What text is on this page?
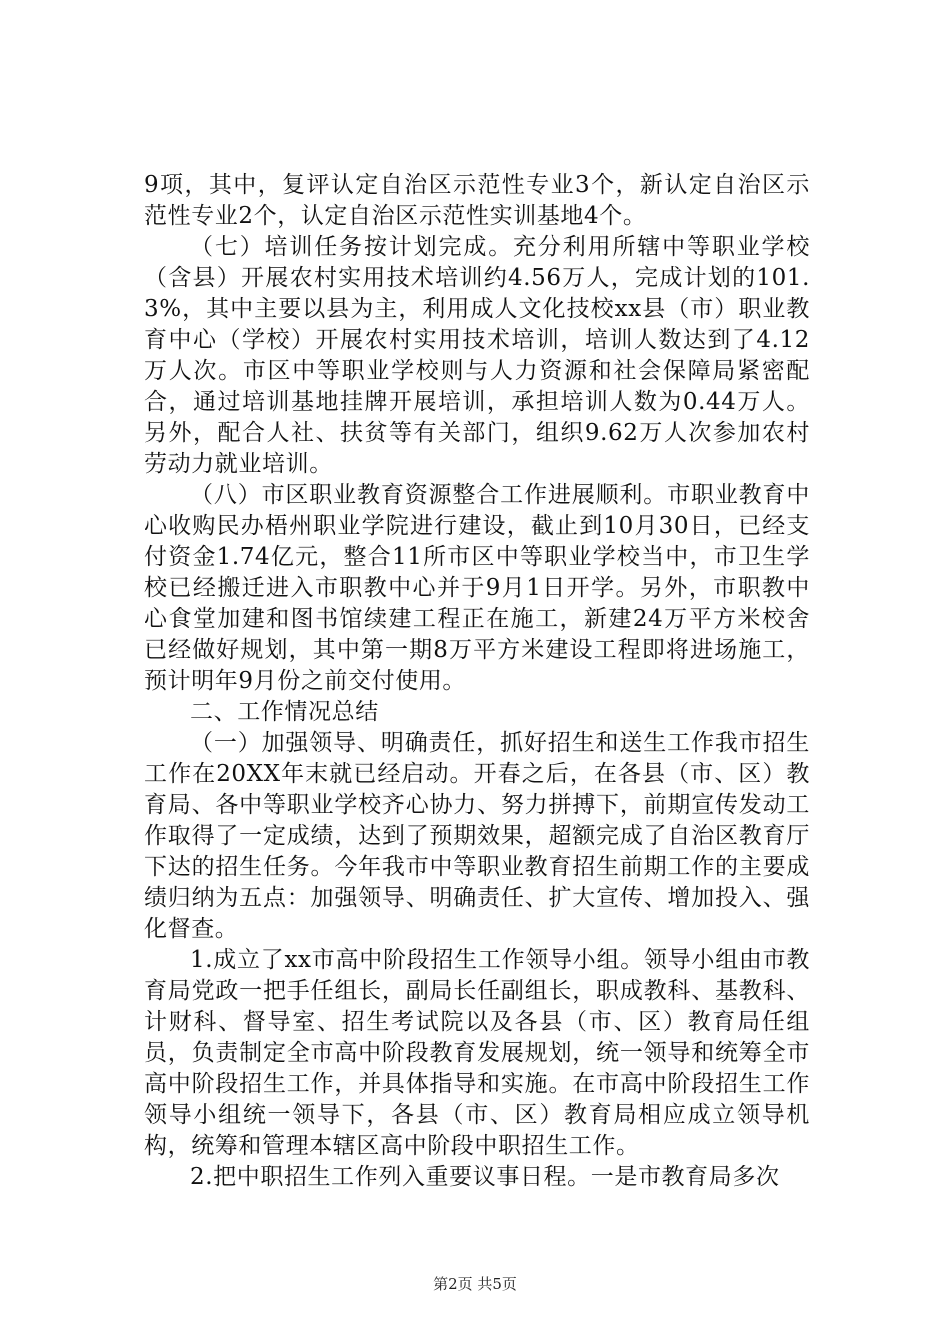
9项，其中，复评认定自治区示范性专业3个，新认定自治区示范性专业2个，认定自治区示范性实训基地4个。

（七）培训任务按计划完成。充分利用所辖中等职业学校（含县）开展农村实用技术培训约4.56万人，完成计划的101.3%，其中主要以县为主，利用成人文化技校xx县（市）职业教育中心（学校）开展农村实用技术培训，培训人数达到了4.12万人次。市区中等职业学校则与人力资源和社会保障局紧密配合，通过培训基地挂牌开展培训，承担培训人数为0.44万人。另外，配合人社、扶贫等有关部门，组织9.62万人次参加农村劳动力就业培训。

（八）市区职业教育资源整合工作进展顺利。市职业教育中心收购民办梧州职业学院进行建设，截止到10月30日，已经支付资金1.74亿元，整合11所市区中等职业学校当中，市卫生学校已经搬迁进入市职教中心并于9月1日开学。另外，市职教中心食堂加建和图书馆续建工程正在施工，新建24万平方米校舍已经做好规划，其中第一期8万平方米建设工程即将进场施工，预计明年9月份之前交付使用。

二、工作情况总结

（一）加强领导、明确责任，抓好招生和送生工作我市招生工作在20XX年末就已经启动。开春之后，在各县（市、区）教育局、各中等职业学校齐心协力、努力拼搏下，前期宣传发动工作取得了一定成绩，达到了预期效果，超额完成了自治区教育厅下达的招生任务。今年我市中等职业教育招生前期工作的主要成绩归纳为五点：加强领导、明确责任、扩大宣传、增加投入、强化督查。

1.成立了xx市高中阶段招生工作领导小组。领导小组由市教育局党政一把手任组长，副局长任副组长，职成教科、基教科、计财科、督导室、招生考试院以及各县（市、区）教育局任组员，负责制定全市高中阶段教育发展规划，统一领导和统筹全市高中阶段招生工作，并具体指导和实施。在市高中阶段招生工作领导小组统一领导下，各县（市、区）教育局相应成立领导机构，统筹和管理本辖区高中阶段中职招生工作。

2.把中职招生工作列入重要议事日程。一是市教育局多次

第2页 共5页
